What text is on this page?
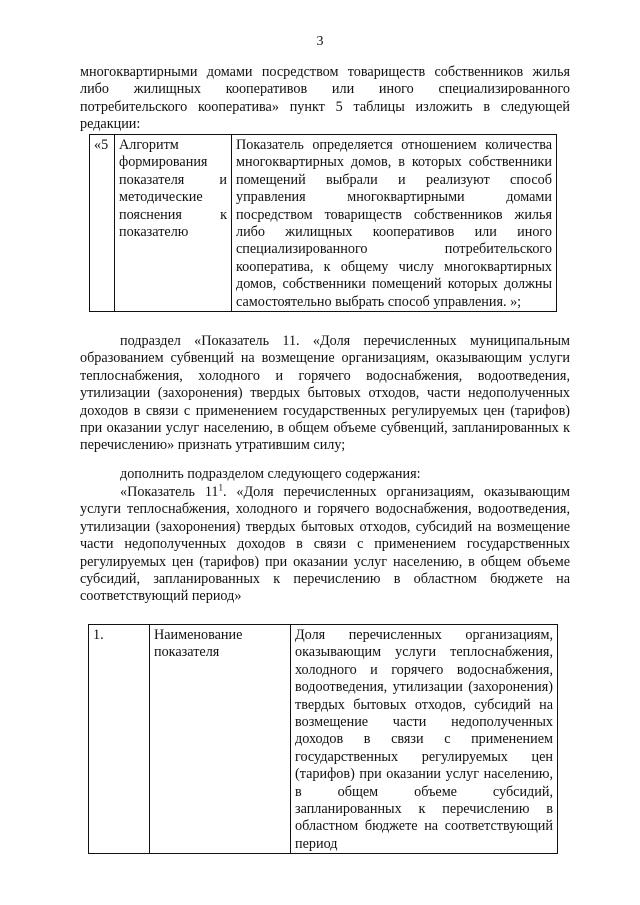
3

многоквартирными домами посредством товариществ собственников жилья либо жилищных кооперативов или иного специализированного потребительского кооператива» пункт 5 таблицы изложить в следующей редакции:

«5	Алгоритм формирования показателя и методические пояснения к показателю	Показатель определяется отношением количества многоквартирных домов, в которых собственники помещений выбрали и реализуют способ управления многоквартирными домами посредством товариществ собственников жилья либо жилищных кооперативов или иного специализированного потребительского кооператива, к общему числу многоквартирных домов, собственники помещений которых должны самостоятельно выбрать способ управления. »;

подраздел «Показатель 11. «Доля перечисленных муниципальным образованием субвенций на возмещение организациям, оказывающим услуги теплоснабжения, холодного и горячего водоснабжения, водоотведения, утилизации (захоронения) твердых бытовых отходов, части недополученных доходов в связи с применением государственных регулируемых цен (тарифов) при оказании услуг населению, в общем объеме субвенций, запланированных к перечислению» признать утратившим силу;

дополнить подразделом следующего содержания:

«Показатель $11^1$. «Доля перечисленных организациям, оказывающим услуги теплоснабжения, холодного и горячего водоснабжения, водоотведения, утилизации (захоронения) твердых бытовых отходов, субсидий на возмещение части недополученных доходов в связи с применением государственных регулируемых цен (тарифов) при оказании услуг населению, в общем объеме субсидий, запланированных к перечислению в областном бюджете на соответствующий период»

1.	Наименование показателя	Доля перечисленных организациям, оказывающим услуги теплоснабжения, холодного и горячего водоснабжения, водоотведения, утилизации (захоронения) твердых бытовых отходов, субсидий на возмещение части недополученных доходов в связи с применением государственных регулируемых цен (тарифов) при оказании услуг населению, в общем объеме субсидий, запланированных к перечислению в областном бюджете на соответствующий период
